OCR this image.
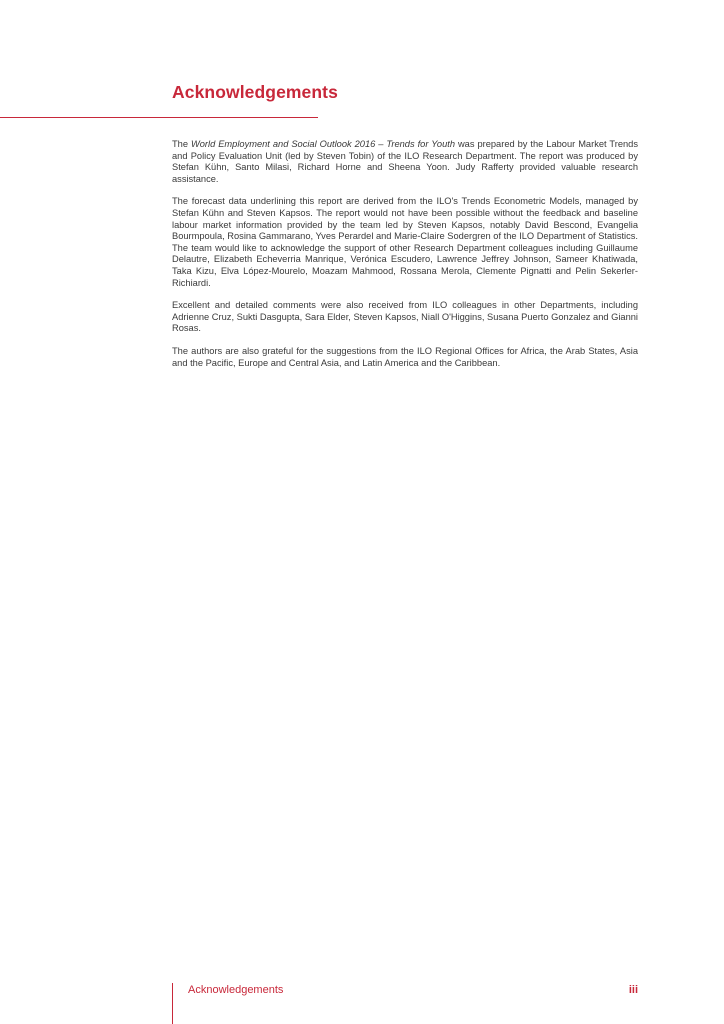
Acknowledgements

The World Employment and Social Outlook 2016 – Trends for Youth was prepared by the Labour Market Trends and Policy Evaluation Unit (led by Steven Tobin) of the ILO Research Department. The report was produced by Stefan Kühn, Santo Milasi, Richard Horne and Sheena Yoon. Judy Rafferty provided valuable research assistance.

The forecast data underlining this report are derived from the ILO's Trends Econometric Models, managed by Stefan Kühn and Steven Kapsos. The report would not have been possible without the feedback and baseline labour market information provided by the team led by Steven Kapsos, notably David Bescond, Evangelia Bourmpoula, Rosina Gammarano, Yves Perardel and Marie-Claire Sodergren of the ILO Department of Statistics. The team would like to acknowledge the support of other Research Department colleagues including Guillaume Delautre, Elizabeth Echeverria Manrique, Verónica Escudero, Lawrence Jeffrey Johnson, Sameer Khatiwada, Taka Kizu, Elva López-Mourelo, Moazam Mahmood, Rossana Merola, Clemente Pignatti and Pelin Sekerler-Richiardi.

Excellent and detailed comments were also received from ILO colleagues in other Departments, including Adrienne Cruz, Sukti Dasgupta, Sara Elder, Steven Kapsos, Niall O'Higgins, Susana Puerto Gonzalez and Gianni Rosas.

The authors are also grateful for the suggestions from the ILO Regional Offices for Africa, the Arab States, Asia and the Pacific, Europe and Central Asia, and Latin America and the Caribbean.

Acknowledgements	iii
